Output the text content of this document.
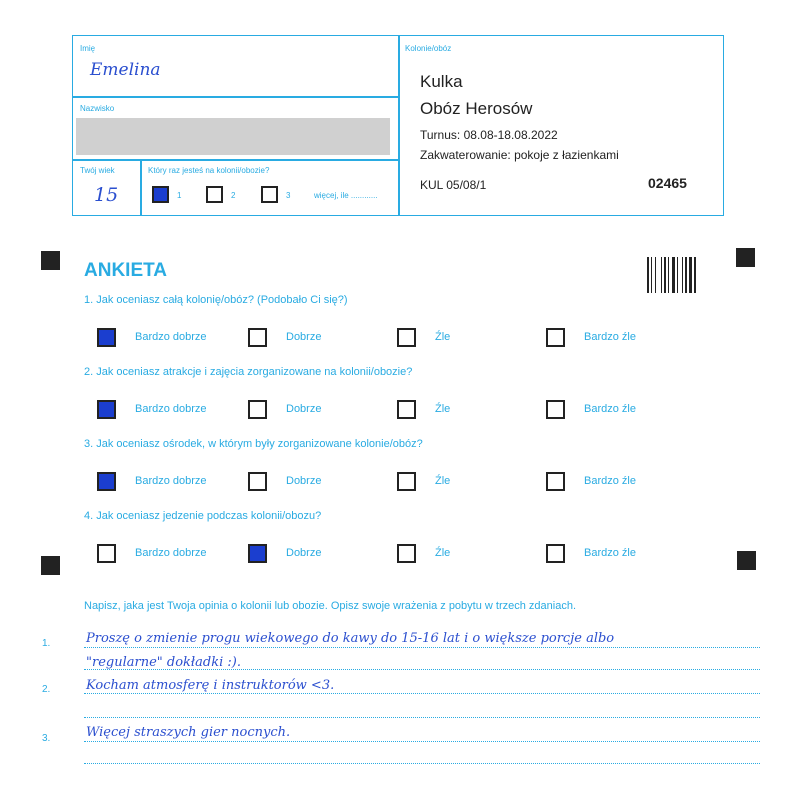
Imię
Emelina
Nazwisko
Twój wiek
15
Który raz jesteś na kolonii/obozie?
1	2	3	więcej, ile ............
Kolonie/obóz
Kulka
Obóz Herosów
Turnus: 08.08-18.08.2022
Zakwaterowanie: pokoje z łazienkami
KUL 05/08/1	02465
ANKIETA
1. Jak oceniasz całą kolonię/obóz? (Podobało Ci się?)
Bardzo dobrze	Dobrze	Źle	Bardzo źle
2. Jak oceniasz atrakcje i zajęcia zorganizowane na kolonii/obozie?
Bardzo dobrze	Dobrze	Źle	Bardzo źle
3. Jak oceniasz ośrodek, w którym były zorganizowane kolonie/obóz?
Bardzo dobrze	Dobrze	Źle	Bardzo źle
4. Jak oceniasz jedzenie podczas kolonii/obozu?
Bardzo dobrze	Dobrze	Źle	Bardzo źle
Napisz, jaka jest Twoja opinia o kolonii lub obozie. Opisz swoje wrażenia z pobytu w trzech zdaniach.
1.
2.
3.
Proszę o zmienie progu wiekowego do kawy do 15-16 lat i o większe porcje albo
"regularne" dokładki :).
Kocham atmosferę i instruktorów <3.
Więcej straszych gier nocnych.
